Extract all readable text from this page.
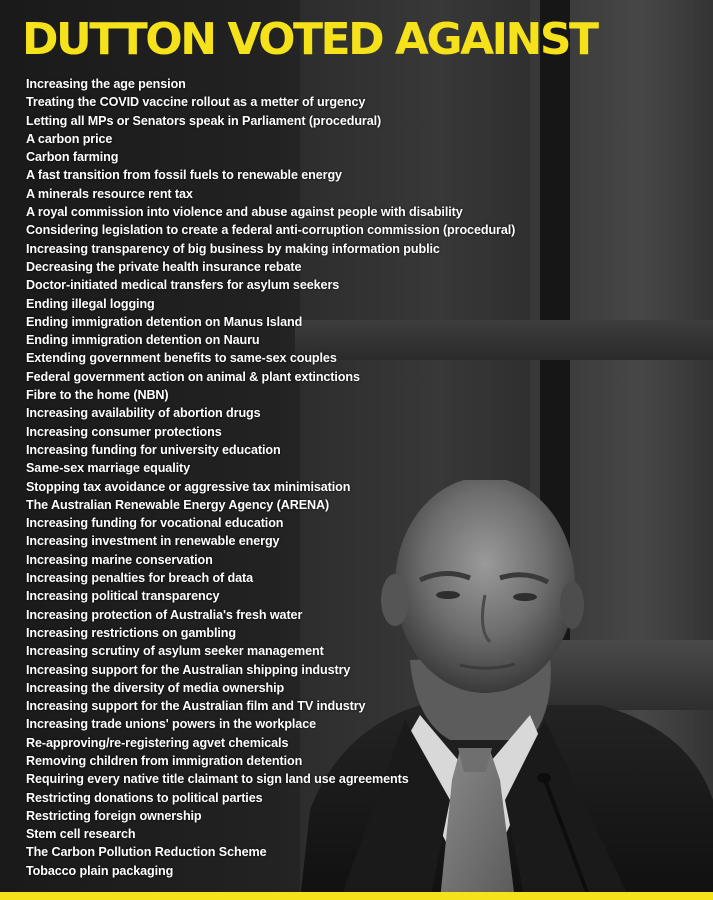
DUTTON VOTED AGAINST
Increasing the age pension
Treating the COVID vaccine rollout as a metter of urgency
Letting all MPs or Senators speak in Parliament (procedural)
A carbon price
Carbon farming
A fast transition from fossil fuels to renewable energy
A minerals resource rent tax
A royal commission into violence and abuse against people with disability
Considering legislation to create a federal anti-corruption commission (procedural)
Increasing transparency of big business by making information public
Decreasing the private health insurance rebate
Doctor-initiated medical transfers for asylum seekers
Ending illegal logging
Ending immigration detention on Manus Island
Ending immigration detention on Nauru
Extending government benefits to same-sex couples
Federal government action on animal & plant extinctions
Fibre to the home (NBN)
Increasing availability of abortion drugs
Increasing consumer protections
Increasing funding for university education
Same-sex marriage equality
Stopping tax avoidance or aggressive tax minimisation
The Australian Renewable Energy Agency (ARENA)
Increasing funding for vocational education
Increasing investment in renewable energy
Increasing marine conservation
Increasing penalties for breach of data
Increasing political transparency
Increasing protection of Australia's fresh water
Increasing restrictions on gambling
Increasing scrutiny of asylum seeker management
Increasing support for the Australian shipping industry
Increasing the diversity of media ownership
Increasing support for the Australian film and TV industry
Increasing trade unions' powers in the workplace
Re-approving/re-registering agvet chemicals
Removing children from immigration detention
Requiring every native title claimant to sign land use agreements
Restricting donations to political parties
Restricting foreign ownership
Stem cell research
The Carbon Pollution Reduction Scheme
Tobacco plain packaging
